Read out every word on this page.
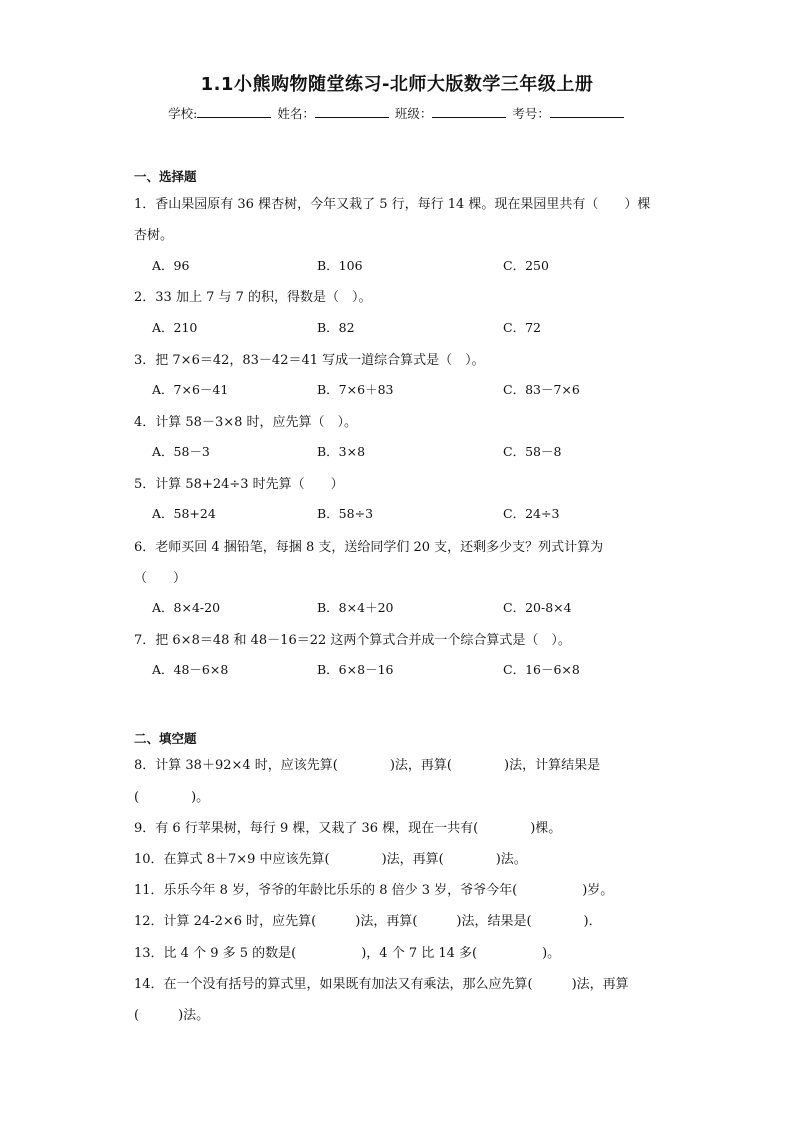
1.1小熊购物随堂练习-北师大版数学三年级上册
学校:	姓名：	班级：	考号：
一、选择题
1．香山果园原有 36 棵杏树，今年又栽了 5 行，每行 14 棵。现在果园里共有（　　）棵
杏树。
A．96	B．106	C．250
2．33 加上 7 与 7 的积，得数是（　）。
A．210	B．82	C．72
3．把 7×6＝42，83－42＝41 写成一道综合算式是（　）。
A．7×6－41	B．7×6＋83	C．83－7×6
4．计算 58－3×8 时，应先算（　）。
A．58－3	B．3×8	C．58－8
5．计算 58+24÷3 时先算（　　）
A．58+24	B．58÷3	C．24÷3
6．老师买回 4 捆铅笔，每捆 8 支，送给同学们 20 支，还剩多少支？列式计算为
（　　）
A．8×4-20	B．8×4＋20	C．20-8×4
7．把 6×8＝48 和 48－16＝22 这两个算式合并成一个综合算式是（　）。
A．48－6×8	B．6×8－16	C．16－6×8
二、填空题
8．计算 38＋92×4 时，应该先算(　　　　)法，再算(　　　　)法，计算结果是
(　　　　)。
9．有 6 行苹果树，每行 9 棵，又栽了 36 棵，现在一共有(　　　　)棵。
10．在算式 8＋7×9 中应该先算(　　　　)法，再算(　　　　)法。
11．乐乐今年 8 岁，爷爷的年龄比乐乐的 8 倍少 3 岁，爷爷今年(　　　　　)岁。
12．计算 24-2×6 时，应先算(　　　)法，再算(　　　)法，结果是(　　　　)．
13．比 4 个 9 多 5 的数是(　　　　　)，4 个 7 比 14 多(　　　　　)。
14．在一个没有括号的算式里，如果既有加法又有乘法，那么应先算(　　　)法，再算
(　　　)法。
